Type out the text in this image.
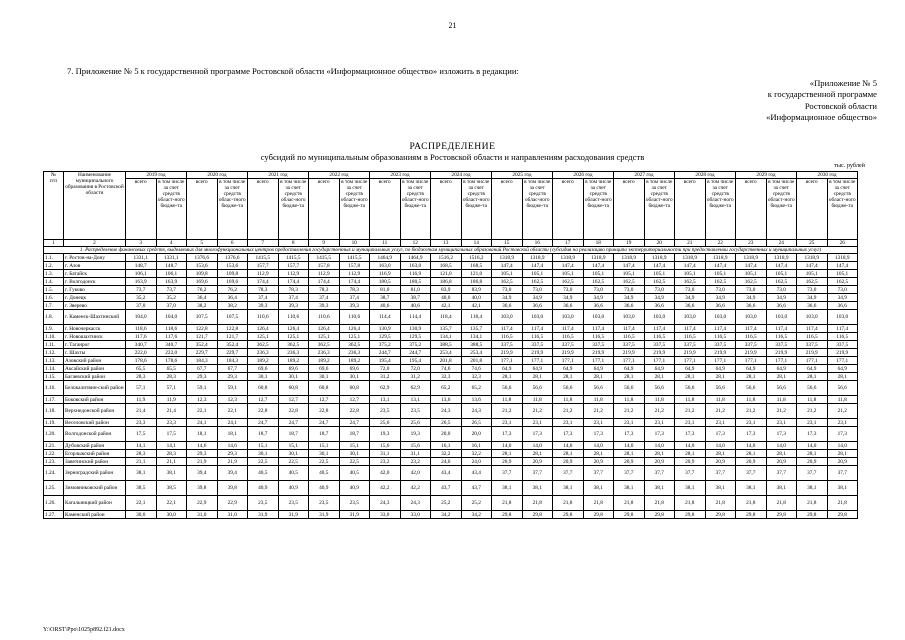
21
7. Приложение № 5 к государственной программе Ростовской области «Информационное общество» изложить в редакции:
«Приложение № 5
к государственной программе
Ростовской области
«Информационное общество»
РАСПРЕДЕЛЕНИЕ
субсидий по муниципальным образованиям в Ростовской области и направлениям расходования средств
тыс. рублей
№
п/п	Наименование муниципального образования в Ростовской области	2019 год		2020 год		2021 год		2022 год		2023 год		2024 год		2025 год		2026 год		2027 год		2028 год		2029 год		2030 год	
		всего	в том числе за счет средств област-ного бюдже-та	всего	в том числе за счет средств облас-тного бюдже-та	всего	в том числе за счет средств облас-ного бюдже-та	всего	в том числе за счет средств област-ного бюдже-та	всего	в том числе за счет средств област-ного бюдже-та	всего	в том числе за счет средств област-ного бюдже-та	всего	в том числе за счет средств облас-ного бюдже-та	всего	в том числе за счет средств област-ного бюдже-та	всего	в том числе за счет средств област-ного бюдже-та	всего	в том числе за счет средств област-ного бюдже-та	всего	в том числе за счет средств област-ного бюдже-та	всего	в том числе за счет средств област-ного бюдже-та
1	2	3	4	5	6	7	8	9	10	11	12	13	14	15	16	17	18	19	20	21	22	23	24	25	26
1. Распределение финансовых средств, выделяемых для многофункциональных центров предоставления государственных и муниципальных услуг, по бюджетам муниципальных образований Ростовской области (субсидия на реализацию принципа экстерриториальности при предоставлении государственных и муниципальных услуг)																									
1.1.	г. Ростов-на-Дону	1331,1	1331,1	1376,6	1376,6	1415,5	1415,5	1415,5	1415,5	1464,9	1464,9	1516,2	1516,2	1318,9	1318,9	1318,9	1318,9	1318,9	1318,9	1318,9	1318,9	1318,9	1318,9	1318,9	1318,9
1.2.	г. Азов	148,7	148,7	153,6	153,6	157,7	157,7	157,8	157,8	163,0	163,0	168,5	168,5	147,4	147,4	147,4	147,4	147,4	147,4	147,4	147,4	147,4	147,4	147,4	147,4
1.3.	г. Батайск	106,1	106,1	109,8	109,8	112,9	112,9	112,9	112,9	116,9	116,9	121,0	121,0	105,1	105,1	105,1	105,1	105,1	105,1	105,1	105,1	105,1	105,1	105,1	105,1
1.4.	г. Волгодонск	163,9	163,9	169,6	169,6	174,4	174,4	174,4	174,4	180,5	180,5	186,8	186,8	162,5	162,5	162,5	162,5	162,5	162,5	162,5	162,5	162,5	162,5	162,5	162,5
1.5.	г. Гуково	73,7	73,7	76,2	76,2	78,3	78,3	78,3	78,3	81,0	81,0	83,9	83,9	73,0	73,0	73,0	73,0	73,0	73,0	73,0	73,0	73,0	73,0	73,0	73,0
1.6.	г. Донецк	35,2	35,2	36,4	36,4	37,4	37,4	37,4	37,4	38,7	38,7	40,0	40,0	34,9	34,9	34,9	34,9	34,9	34,9	34,9	34,9	34,9	34,9	34,9	34,9
1.7.	г. Зверево	37,0	37,0	38,2	38,2	39,3	39,3	39,3	39,3	40,6	40,6	42,1	42,1	36,6	36,6	36,6	36,6	36,6	36,6	36,6	36,6	36,6	36,6	36,6	36,6
1.8.	г. Каменск-Шахтинский	104,0	104,0	107,5	107,5	110,6	110,6	110,6	110,6	114,4	114,4	118,4	118,4	103,0	103,0	103,0	103,0	103,0	103,0	103,0	103,0	103,0	103,0	103,0	103,0
1.9.	г. Новочеркасск	118,6	118,6	122,8	122,8	126,4	126,4	126,4	126,4	130,9	130,9	135,7	135,7	117,4	117,4	117,4	117,4	117,4	117,4	117,4	117,4	117,4	117,4	117,4	117,4
1.10.	г. Новошахтинск	117,6	117,6	121,7	121,7	125,1	125,1	125,1	125,1	129,5	129,5	134,1	134,1	116,5	116,5	116,5	116,5	116,5	116,5	116,5	116,5	116,5	116,5	116,5	116,5
1.11.	г. Таганрог	340,7	340,7	352,4	352,4	362,5	362,5	362,5	362,5	375,2	375,2	388,5	388,5	337,5	337,5	337,5	337,5	337,5	337,5	337,5	337,5	337,5	337,5	337,5	337,5
1.12.	г. Шахты	222,0	222,0	229,7	229,7	236,3	236,3	236,3	236,3	244,7	244,7	253,4	253,4	219,9	219,9	219,9	219,9	219,9	219,9	219,9	219,9	219,9	219,9	219,9	219,9
1.13.	Азовский район	178,6	178,6	184,3	184,3	189,2	189,2	189,2	189,2	195,4	195,4	201,8	201,8	177,1	177,1	177,1	177,1	177,1	177,1	177,1	177,1	177,1	177,1	177,1	177,1
1.14.	Аксайский район	65,5	65,5	67,7	67,7	69,6	69,6	69,6	69,6	72,0	72,0	74,6	74,6	64,9	64,9	64,9	64,9	64,9	64,9	64,9	64,9	64,9	64,9	64,9	64,9
1.15.	Багаевский район	28,3	28,3	29,3	29,3	30,1	30,1	30,1	30,1	31,2	31,2	32,3	32,3	28,1	28,1	28,1	28,1	28,1	28,1	28,1	28,1	28,1	28,1	28,1	28,1
1.16.	Белокалитвин-ский район	57,1	57,1	59,1	59,1	60,8	60,8	60,8	60,8	62,9	62,9	65,2	65,2	56,6	56,6	56,6	56,6	56,6	56,6	56,6	56,6	56,6	56,6	56,6	56,6
1.17.	Боковский район	11,9	11,9	12,3	12,3	12,7	12,7	12,7	12,7	13,1	13,1	13,6	13,6	11,8	11,8	11,8	11,8	11,8	11,8	11,8	11,8	11,8	11,8	11,8	11,8
1.18.	Верхнедонской район	21,4	21,4	22,1	22,1	22,8	22,8	22,8	22,8	23,5	23,5	24,3	24,3	21,2	21,2	21,2	21,2	21,2	21,2	21,2	21,2	21,2	21,2	21,2	21,2
1.19.	Веселовский район	23,3	23,3	24,1	24,1	24,7	24,7	24,7	24,7	25,6	25,6	26,5	26,5	23,1	23,1	23,1	23,1	23,1	23,1	23,1	23,1	23,1	23,1	23,1	23,1
1.20.	Волгодонской район	17,5	17,5	18,1	18,1	18,7	18,7	18,7	18,7	19,3	19,3	20,0	20,0	17,3	17,3	17,3	17,3	17,3	17,3	17,3	17,3	17,3	17,3	17,3	17,3
1.21.	Дубовский район	14,1	14,1	14,6	14,6	15,1	15,1	15,1	15,1	15,6	15,6	16,1	16,1	14,0	14,0	14,0	14,0	14,0	14,0	14,0	14,0	14,0	14,0	14,0	14,0
1.22.	Егорлыкский район	28,3	28,3	29,3	29,3	30,1	30,1	30,1	30,1	31,1	31,1	32,2	32,2	28,1	28,1	28,1	28,1	28,1	28,1	28,1	28,1	28,1	28,1	28,1	28,1
1.23.	Заветинский район	21,1	21,1	21,9	21,9	22,5	22,5	22,5	22,5	23,2	23,2	24,0	24,0	20,9	20,9	20,9	20,9	20,9	20,9	20,9	20,9	20,9	20,9	20,9	20,9
1.24.	Зерноградский район	38,1	38,1	39,4	39,4	40,5	40,5	40,5	40,5	42,0	42,0	43,4	43,4	37,7	37,7	37,7	37,7	37,7	37,7	37,7	37,7	37,7	37,7	37,7	37,7
1.25.	Зимовниковский район	38,5	38,5	39,8	39,8	40,9	40,9	40,9	40,9	42,2	42,2	43,7	43,7	38,1	38,1	38,1	38,1	38,1	38,1	38,1	38,1	38,1	38,1	38,1	38,1
1.26.	Кагальницкий район	22,1	22,1	22,9	22,9	23,5	23,5	23,5	23,5	24,3	24,3	25,2	25,2	21,8	21,8	21,8	21,8	21,8	21,8	21,8	21,8	21,8	21,8	21,8	21,8
1.27.	Каменский район	30,0	30,0	31,0	31,0	31,9	31,9	31,9	31,9	33,0	33,0	34,2	34,2	29,8	29,8	29,8	29,8	29,8	29,8	29,8	29,8	29,8	29,8	29,8	29,8
Y:\ORST\Ppo\1025p892.f21.docx
